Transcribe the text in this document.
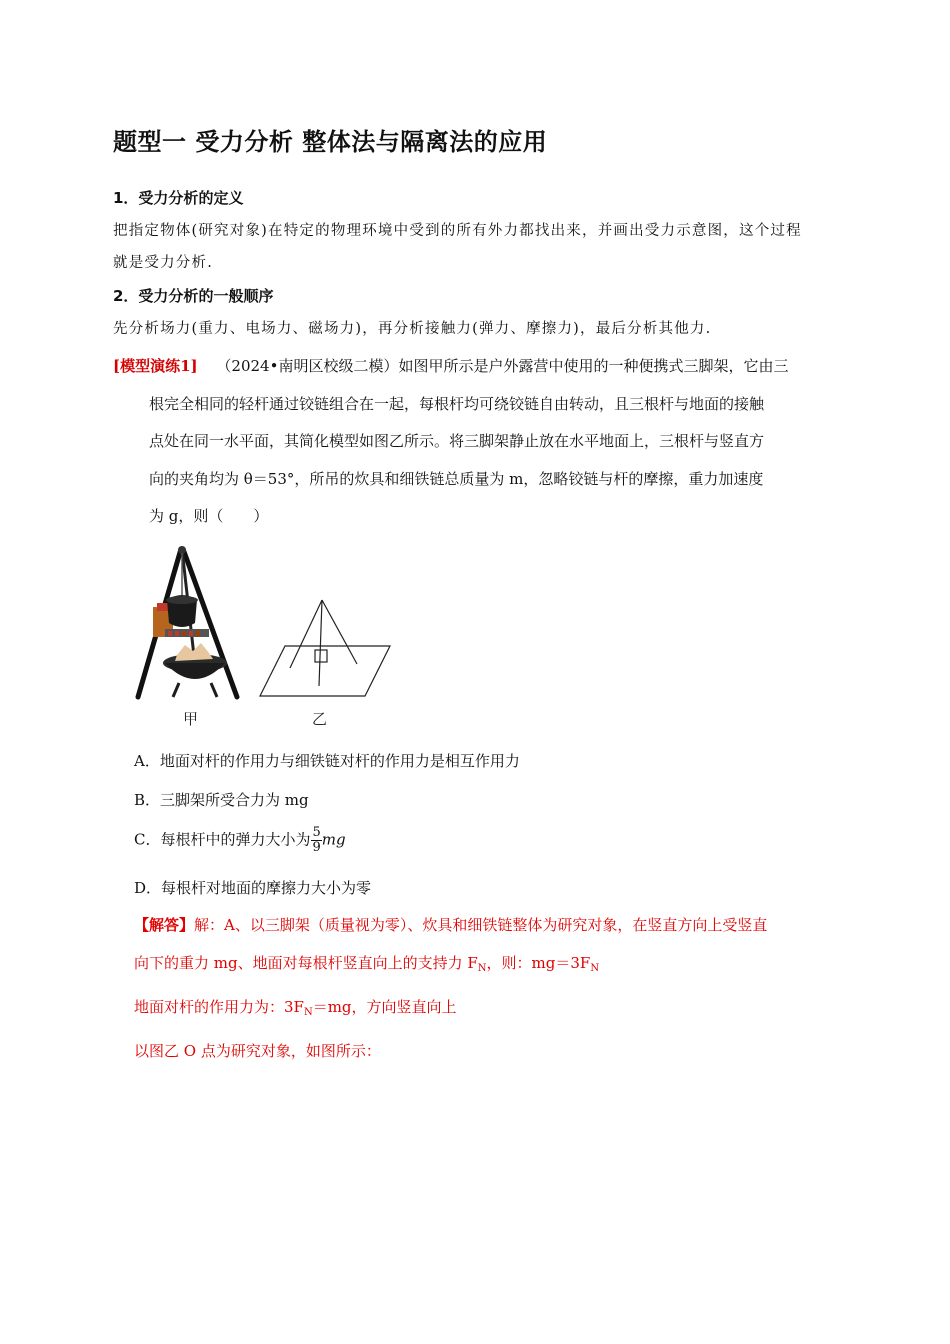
题型一 受力分析 整体法与隔离法的应用
1．受力分析的定义
把指定物体(研究对象)在特定的物理环境中受到的所有外力都找出来，并画出受力示意图，这个过程
就是受力分析.
2．受力分析的一般顺序
先分析场力(重力、电场力、磁场力)，再分析接触力(弹力、摩擦力)，最后分析其他力.
[模型演练1] （2024•南明区校级二模）如图甲所示是户外露营中使用的一种便携式三脚架，它由三
根完全相同的轻杆通过铰链组合在一起，每根杆均可绕铰链自由转动，且三根杆与地面的接触
点处在同一水平面，其简化模型如图乙所示。将三脚架静止放在水平地面上，三根杆与竖直方
向的夹角均为 θ＝53°，所吊的炊具和细铁链总质量为 m，忽略铰链与杆的摩擦，重力加速度
为 g，则（　　）
甲	乙
A．地面对杆的作用力与细铁链对杆的作用力是相互作用力
B．三脚架所受合力为 mg
C．每根杆中的弹力大小为 $\frac{5}{9}$ mg
D．每根杆对地面的摩擦力大小为零
【解答】解：A、以三脚架（质量视为零）、炊具和细铁链整体为研究对象，在竖直方向上受竖直
向下的重力 mg、地面对每根杆竖直向上的支持力 $F_N$，则：$mg=3F_N$
地面对杆的作用力为：$3F_N=mg$，方向竖直向上
以图乙 O 点为研究对象，如图所示：
